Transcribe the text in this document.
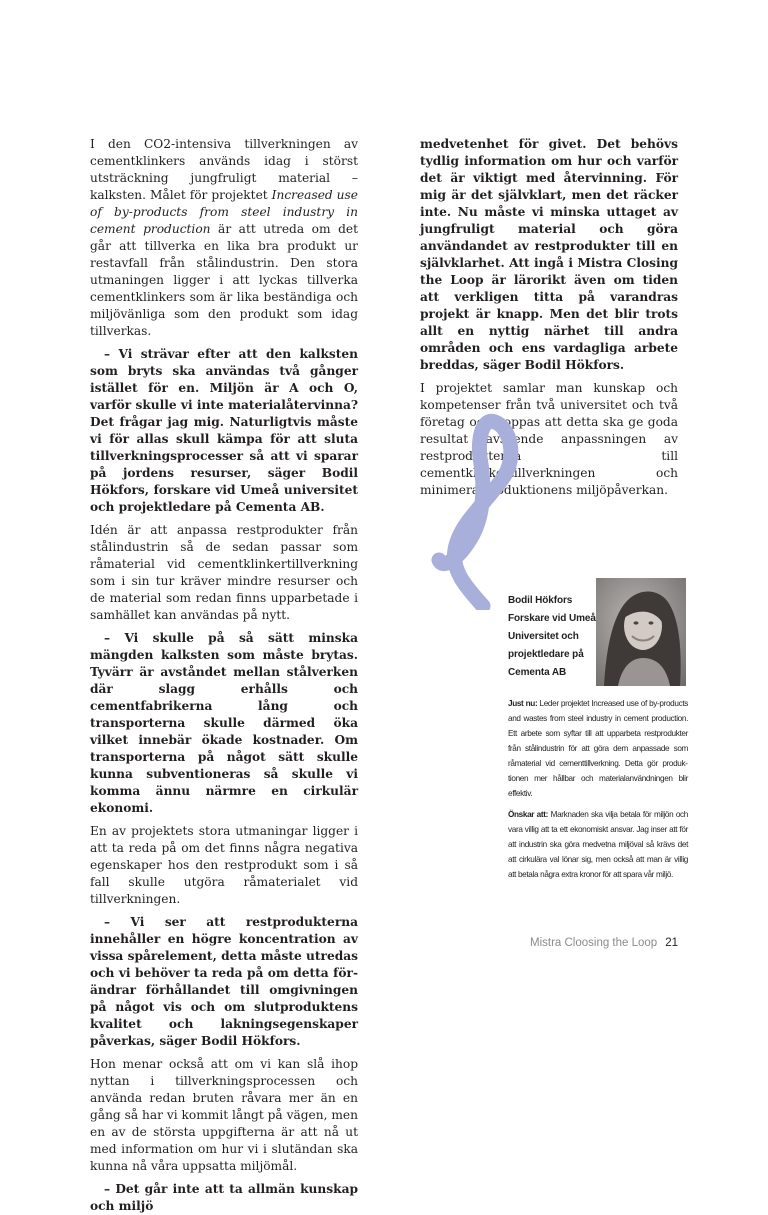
I den CO2-intensiva tillverkningen av cementklinkers används idag i störst utsträckning jungfruligt material – kalksten. Målet för projektet Increased use of by-products from steel industry in cement production är att utreda om det går att tillverka en lika bra produkt ur restavfall från stålindustrin. Den stora utmaningen ligger i att lyckas tillverka cementklinkers som är lika beständiga och miljövänliga som den produkt som idag tillverkas.

– Vi strävar efter att den kalksten som bryts ska användas två gånger istället för en. Miljön är A och O, varför skulle vi inte materialåtervinna? Det frågar jag mig. Naturligtvis måste vi för allas skull kämpa för att sluta tillverkningsprocesser så att vi sparar på jordens resurser, säger Bodil Hökfors, forskare vid Umeå universitet och projektledare på Cementa AB.

Idén är att anpassa restprodukter från stålindustrin så de sedan passar som råmaterial vid cementklinkertillverkning som i sin tur kräver mindre resurser och de material som redan finns upparbetade i samhället kan användas på nytt.

– Vi skulle på så sätt minska mängden kalksten som måste brytas. Tyvärr är avståndet mellan stålverken där slagg erhålls och cementfabrikerna lång och transporterna skulle därmed öka vilket innebär ökade kostnader. Om transporterna på något sätt skulle kunna subventioneras så skulle vi komma ännu närmre en cirkulär ekonomi.

En av projektets stora utmaningar ligger i att ta reda på om det finns några negativa egenskaper hos den restprodukt som i så fall skulle utgöra råmaterialet vid tillverkningen.

– Vi ser att restprodukterna innehåller en högre koncentration av vissa spårelement, detta måste utredas och vi behöver ta reda på om detta förändrar förhållandet till omgivningen på något vis och om slutproduktens kvalitet och lakningsegenskaper påverkas, säger Bodil Hökfors.

Hon menar också att om vi kan slå ihop nyttan i tillverkningsprocessen och använda redan bruten råvara mer än en gång så har vi kommit långt på vägen, men en av de största uppgifterna är att nå ut med information om hur vi i slutändan ska kunna nå våra uppsatta miljömål.

– Det går inte att ta allmän kunskap och miljö

medvetenhet för givet. Det behövs tydlig information om hur och varför det är viktigt med återvinning. För mig är det självklart, men det räcker inte. Nu måste vi minska uttaget av jungfruligt material och göra användandet av restprodukter till en självklarhet. Att ingå i Mistra Closing the Loop är lärorikt även om tiden att verkligen titta på varandras projekt är knapp. Men det blir trots allt en nyttig närhet till andra områden och ens vardagliga arbete breddas, säger Bodil Hökfors.

I projektet samlar man kunskap och kompetenser från två universitet och två företag och hoppas att detta ska ge goda resultat avseende anpassningen av restprodukterna till cementklinkertillverkningen och minimera produktionens miljöpåverkan.

Bodil Hökfors

Forskare vid Umeå

Universitet och

projektledare på

Cementa AB

Just nu: Leder projektet Increased use of by-products and wastes from steel industry in cement production. Ett arbete som syftar till att upparbeta restprodukter från stålindustrin för att göra dem anpassade som råmaterial vid cementtillverkning. Detta gör produktionen mer hållbar och materialanvändningen blir effektiv.

Önskar att: Marknaden ska vilja betala för miljön och vara villig att ta ett ekonomiskt ansvar. Jag inser att för att industrin ska göra medvetna miljöval så krävs det att cirkulära val lönar sig, men också att man är villig att betala några extra kronor för att spara vår miljö.

Mistra Cloosing the Loop 21
